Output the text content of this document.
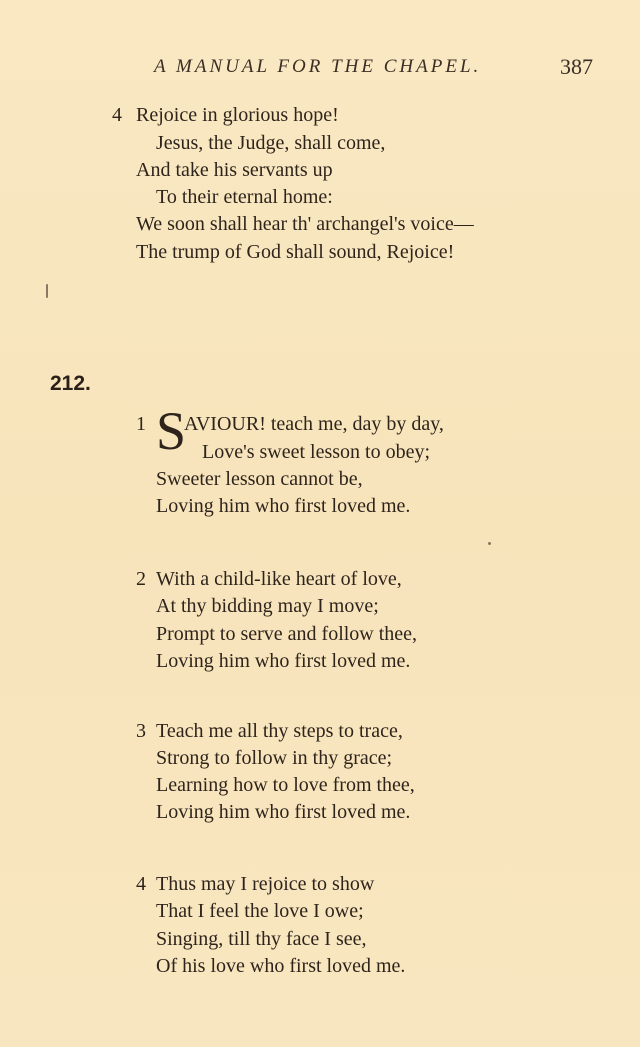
A MANUAL FOR THE CHAPEL.	387
4 Rejoice in glorious hope!
Jesus, the Judge, shall come,
And take his servants up
To their eternal home:
We soon shall hear th' archangel's voice—
The trump of God shall sound, Rejoice!
212.
1 S
AVIOUR! teach me, day by day,
Love's sweet lesson to obey;
Sweeter lesson cannot be,
Loving him who first loved me.
2 With a child-like heart of love,
At thy bidding may I move;
Prompt to serve and follow thee,
Loving him who first loved me.
3 Teach me all thy steps to trace,
Strong to follow in thy grace;
Learning how to love from thee,
Loving him who first loved me.
4 Thus may I rejoice to show
That I feel the love I owe;
Singing, till thy face I see,
Of his love who first loved me.
